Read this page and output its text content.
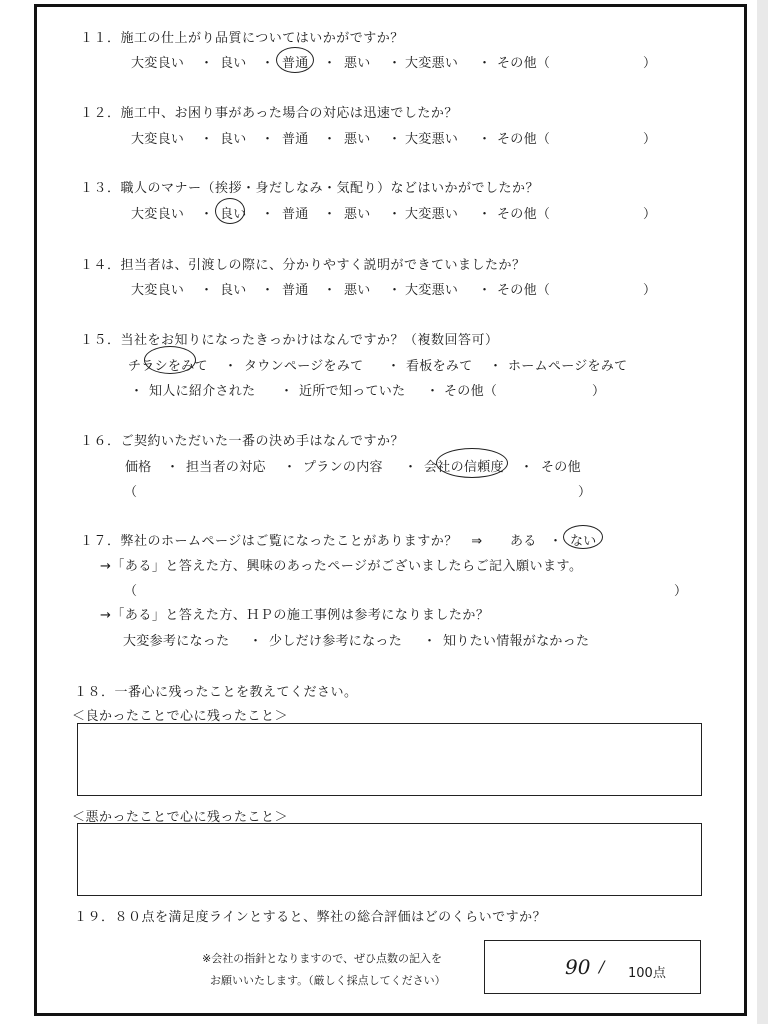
１１．施工の仕上がり品質についてはいかがですか？
大変良い ・ 良い ・ 普通 ・ 悪い ・ 大変悪い ・ その他（	）
１２．施工中、お困り事があった場合の対応は迅速でしたか？
大変良い ・ 良い ・ 普通 ・ 悪い ・ 大変悪い ・ その他（	）
１３．職人のマナー（挨拶・身だしなみ・気配り）などはいかがでしたか？
大変良い ・ 良い ・ 普通 ・ 悪い ・ 大変悪い ・ その他（	）
１４．担当者は、引渡しの際に、分かりやすく説明ができていましたか？
大変良い ・ 良い ・ 普通 ・ 悪い ・ 大変悪い ・ その他（	）
１５．当社をお知りになったきっかけはなんですか？（複数回答可）
チラシをみて ・ タウンページをみて ・ 看板をみて ・ ホームページをみて
・ 知人に紹介された ・ 近所で知っていた ・ その他（	）
１６．ご契約いただいた一番の決め手はなんですか？
価格 ・ 担当者の対応 ・ プランの内容 ・ 会社の信頼度 ・ その他
（	）
１７．弊社のホームページはご覧になったことがありますか？　⇒ ある ・ ない
→「ある」と答えた方、興味のあったページがございましたらご記入願います。
（	）
→「ある」と答えた方、ＨＰの施工事例は参考になりましたか？
大変参考になった ・ 少しだけ参考になった ・ 知りたい情報がなかった
１８．一番心に残ったことを教えてください。
＜良かったことで心に残ったこと＞
＜悪かったことで心に残ったこと＞
１９．８０点を満足度ラインとすると、弊社の総合評価はどのくらいですか？
※会社の指針となりますので、ぜひ点数の記入を
お願いいたします。（厳しく採点してください）
90 / 100点
